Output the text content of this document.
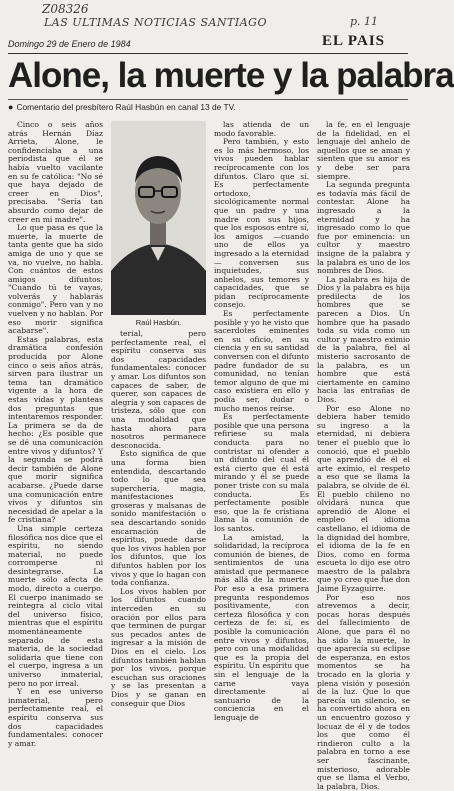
Z08326
LAS ULTIMAS NOTICIAS SANTIAGO	p. 11
Domingo 29 de Enero de 1984	EL PAIS
Alone, la muerte y la palabra
● Comentario del presbítero Raúl Hasbún en canal 13 de TV.

Cinco o seis años atrás Hernán Díaz Arrieta, Alone, le confidenciaba a una periodista que él se había vuelto vacilante en su fe católica: "No sé que haya dejado de creer en Dios", precisaba. "Sería tan absurdo como dejar de creer en mi madre".

Lo que pasa es que la muerte, la muerte de tanta gente que ha sido amiga de uno y que se va, no vuelve, no habla. Con cuántos de estos amigos difuntos: "Cuando tú te vayas, volverás y hablarás conmigo". Pero van y no vuelven y no hablan. Por eso morir significa acabarse".

Estas palabras, esta dramática confesión producida por Alone cinco o seis años atrás, sirven para ilustrar un tema tan dramático vigente a la hora de estas vidas y planteas dos preguntas que intentaremos responder. La primera se da de hecho: ¿Es posible que se dé una comunicación entre vivos y difuntos? Y la segunda se podrá decir también de Alone que morir significa acabarse. ¿Puede darse una comunicación entre vivos y difuntos sin necesidad de apelar a la fe cristiana?

Una simple certeza filosófica nos dice que el espíritu, no siendo material, no puede corromperse ni desintegrarse. La muerte sólo afecta de modo, directo a cuerpo. El cuerpo inanimado se reintegra al ciclo vital del universo físico, mientras que el espíritu momentáneamente separado de esta materia, de la sociedad solidaria que tiene con el cuerpo, ingresa a un universo inmaterial, pero no por irreal.

Y en ese universo inmaterial, pero perfectamente real, el espíritu conserva sus dos capacidades fundamentales: conocer y amar.

Raúl Hasbún.

terial, pero perfectamente real, el espíritu conserva sus dos capacidades fundamentales: conocer y amar. Los difuntos son capaces de saber, de querer, son capaces de alegría y son capaces de tristeza, sólo que con una modalidad que hasta ahora para nosotros permanece desconocida.

Esto significa de que una forma bien entendida, descartando todo lo que sea superchería, magia, manifestaciones groseras y malsanas de sonido manifestación o sea descartando sonido encarnación de espíritus, puede darse que los vivos hablen por los difuntos, que los difuntos hablen por los vivos y que lo hagan con toda confianza.

Los vivos hablen por los difuntos cuando interceden en su oración por ellos para que terminen de purgar sus pecados antes de ingresar a la misión de Dios en el cielo. Los difuntos también hablan por los vivos, porque escuchan sus oraciones y se las presentan a Dios y se ganan en conseguir que Dios

las atienda de un modo favorable.

Pero también, y esto es lo más hermoso, los vivos pueden hablar recíprocamente con los difuntos. Claro que sí. Es perfectamente ortodoxo, sicológicamente normal que un padre y una madre con sus hijos, que los esposos entre sí, los amigos —cuando uno de ellos ya ingresado a la eternidad— conversen sus inquietudes, sus anhelos, sus temores y capacidades, que se pidan recíprocamente consejo.

Es perfectamente posible y yo he visto que sacerdotes eminentes en su oficio, en su ciencia y en su santidad conversen con el difunto padre fundador de su comunidad, no tenían temor alguno de que mi caso existiera en ello y podía ser, dudar o mucho menos reírse.

Es perfectamente posible que una persona refiriese su mala conducta para no contristar ni ofender a un difunto del cual él está cierto que él está mirando y él se puede poner triste con su mala conducta. Es perfectamente posible eso, que la fe cristiana llama la comunión de los santos.

La amistad, la solidaridad, la recíproca comunión de bienes, de sentimientos de una amistad que permanece más allá de la muerte. Por eso a esa primera pregunta respondemos positivamente, con certeza filosófica y con certeza de fe: sí, es posible la comunicación entre vivos y difuntos, pero con una modalidad que es la propia del espíritu. Un espíritu que sin el lenguaje de la carne vaya directamente al santuario de la conciencia en el lenguaje de

la fe, en el lenguaje de la fidelidad, en el lenguaje del anhelo de aquellos que se aman y sienten que su amor es y debe ser para siempre.

La segunda pregunta es todavía más fácil de contestar. Alone ha ingresado a la eternidad y ha ingresado como lo que fue por eminencia: un cultor y maestro insigne de la palabra y la palabra es uno de los nombres de Dios.

La palabra es hija de Dios y la palabra es hija predilecta de los hombres que se parecen a Dios. Un hombre que ha pasado toda su vida como un cultor y maestro eximio de la palabra, fiel al misterio sacrosanto de la palabra, es un hombre que está ciertamente en camino hacia las entrañas de Dios.

Por eso Alone no debiera haber temido su ingreso a la eternidad, ni debiera tener el pueblo que lo conoció, que el pueblo que aprendió de él el arte exímio, el respeto a eso que se llama la palabra, se olvide de él. El pueblo chileno no olvidará nunca que aprendió de Alone el empleo el idioma castellano, el idioma de la dignidad del hombre, el idioma de la fe en Dios, como en forma escueta lo dijo ese otro maestro de la palabra que yo creo que fue don Jaime Eyzaguirre.

Por eso nos atrevemos a decir, pocas horas después del fallecimiento de Alone, que para él no ha sido la muerte, lo que aparecía su eclipse de esperanza, en estos momentos se ha trocado en la gloria y plena visión y posesión de la luz. Que lo que parecía un silencio, se ha convertido ahora en un encuentro gozoso y locuaz de él y de todos los que como él rindieron culto a la palabra en torno a ese ser fascinante, misterioso, adorable que se llama el Verbo, la palabra, Dios.
